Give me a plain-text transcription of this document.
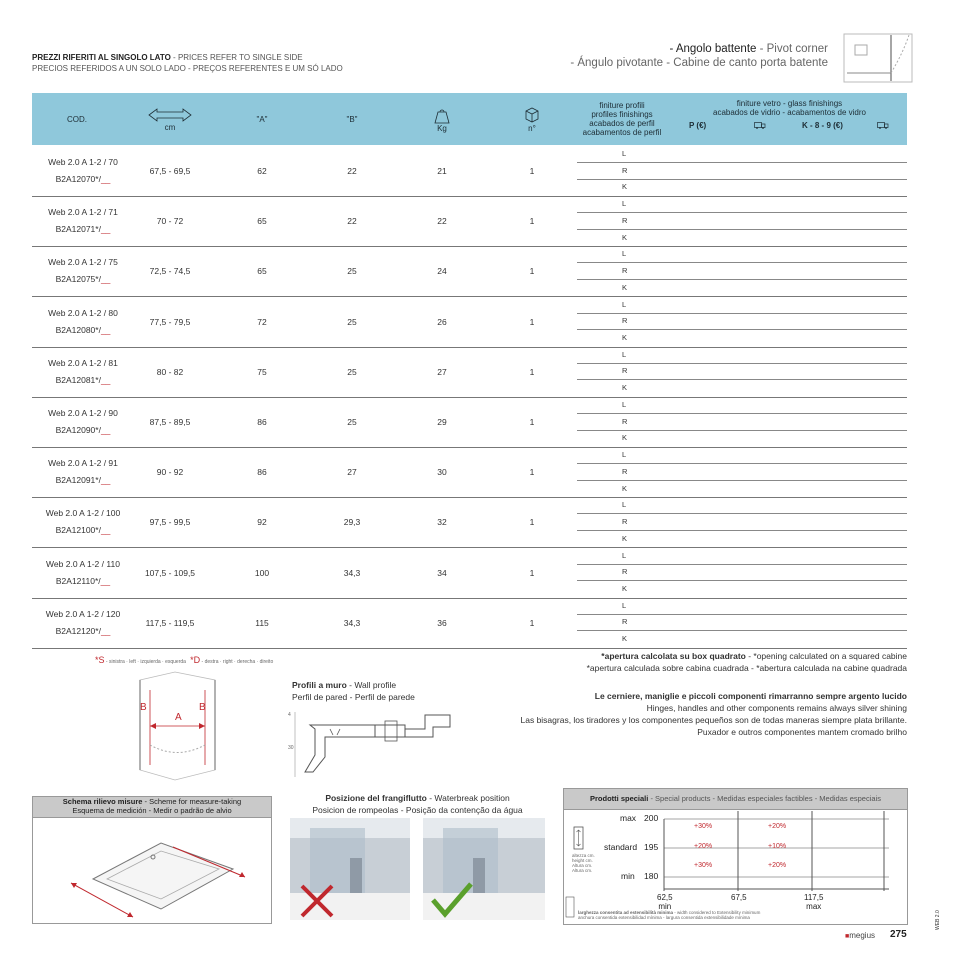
PREZZI RIFERITI AL SINGOLO LATO - PRICES REFER TO SINGLE SIDE
PRECIOS REFERIDOS A UN SOLO LADO - PREÇOS REFERENTES E UM SÓ LADO
- Angolo battente - Pivot corner
- Ángulo pivotante - Cabine de canto porta batente
COD.
cm
"A"	"B"
Kg	n°
finiture profili
profiles finishings
acabados de perfil
acabamentos de perfil
finiture vetro - glass finishings
acabados de vidrio - acabamentos de vidro
P (€)	K - 8 - 9 (€)
Web 2.0 A 1-2 / 70
B2A12070*/__
67,5 - 69,5	62	22	21	1
L
R
K
Web 2.0 A 1-2 / 71
B2A12071*/__
70 - 72	65	22	22	1
L
R
K
Web 2.0 A 1-2 / 75
B2A12075*/__
72,5 - 74,5	65	25	24	1
L
R
K
Web 2.0 A 1-2 / 80
B2A12080*/__
77,5 - 79,5	72	25	26	1
L
R
K
Web 2.0 A 1-2 / 81
B2A12081*/__
80 - 82	75	25	27	1
L
R
K
Web 2.0 A 1-2 / 90
B2A12090*/__
87,5 - 89,5	86	25	29	1
L
R
K
Web 2.0 A 1-2 / 91
B2A12091*/__
90 - 92	86	27	30	1
L
R
K
Web 2.0 A 1-2 / 100
B2A12100*/__
97,5 - 99,5	92	29,3	32	1
L
R
K
Web 2.0 A 1-2 / 110
B2A12110*/__
107,5 - 109,5	100	34,3	34	1
L
R
K
Web 2.0 A 1-2 / 120
B2A12120*/__
117,5 - 119,5	115	34,3	36	1
L
R
K
*apertura calcolata su box quadrato - *opening calculated on a squared cabine
*apertura calculada sobre cabina cuadrada - *abertura calculada na cabine quadrada
Le cerniere, maniglie e piccoli componenti rimarranno sempre argento lucido
Hinges, handles and other components remains always silver shining
Las bisagras, los tiradores y los componentes pequeños son de todas maneras siempre plata brillante.
Puxador e outros componentes mantem cromado brilho
*S - sinistra · left · izquierda · esquerda *D - destra · right · derecha · direito
B
A
B
Profili a muro - Wall profile
Perfil de pared - Perfil de parede
4
30
Schema rilievo misure - Scheme for measure-taking
Esquema de medición - Medir o padrão de alvio
Posizione del frangiflutto - Waterbreak position
Posicion de rompeolas - Posição da contenção da água
Prodotti speciali - Special products - Medidas especiales factibles - Medidas especiais
max 200
standard 195
min 180
altezza cm.
height cm.
Altura cm.
Altura cm.
+30%	+20%
+20%	+10%
+30%	+20%
62,5
min
67,5	117,5
max
larghezza consentita ad estensibilità minima - width considered to Extensibility minimum
anchura consentida extensibilidad mínima - largura consentida extensibilidade mínima
■megius 275
WEB 2.0
